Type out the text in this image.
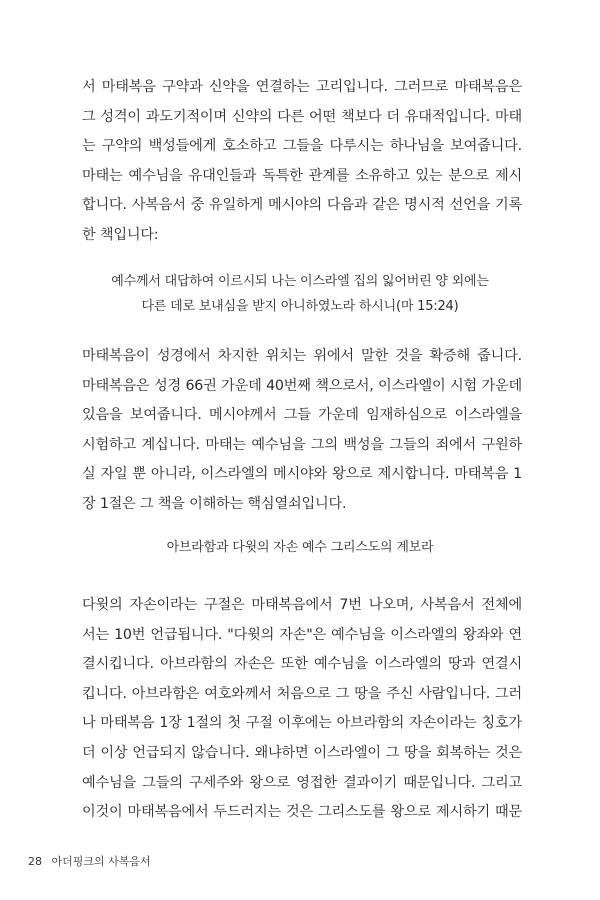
서 마태복음 구약과 신약을 연결하는 고리입니다. 그러므로 마태복음은
그 성격이 과도기적이며 신약의 다른 어떤 책보다 더 유대적입니다. 마태
는 구약의 백성들에게 호소하고 그들을 다루시는 하나님을 보여줍니다.
마태는 예수님을 유대인들과 독특한 관계를 소유하고 있는 분으로 제시
합니다. 사복음서 중 유일하게 메시야의 다음과 같은 명시적 선언을 기록
한 책입니다:
예수께서 대답하여 이르시되 나는 이스라엘 집의 잃어버린 양 외에는
다른 데로 보내심을 받지 아니하였노라 하시니(마 15:24)
마태복음이 성경에서 차지한 위치는 위에서 말한 것을 확증해 줍니다.
마태복음은 성경 66권 가운데 40번째 책으로서, 이스라엘이 시험 가운데
있음을 보여줍니다. 메시야께서 그들 가운데 임재하심으로 이스라엘을
시험하고 계십니다. 마태는 예수님을 그의 백성을 그들의 죄에서 구원하
실 자일 뿐 아니라, 이스라엘의 메시야와 왕으로 제시합니다. 마태복음 1
장 1절은 그 책을 이해하는 핵심열쇠입니다.

아브라함과 다윗의 자손 예수 그리스도의 계보라

다윗의 자손이라는 구절은 마태복음에서 7번 나오며, 사복음서 전체에
서는 10번 언급됩니다. "다윗의 자손"은 예수님을 이스라엘의 왕좌와 연
결시킵니다. 아브라함의 자손은 또한 예수님을 이스라엘의 땅과 연결시
킵니다. 아브라함은 여호와께서 처음으로 그 땅을 주신 사람입니다. 그러
나 마태복음 1장 1절의 첫 구절 이후에는 아브라함의 자손이라는 칭호가
더 이상 언급되지 않습니다. 왜냐하면 이스라엘이 그 땅을 회복하는 것은
예수님을 그들의 구세주와 왕으로 영접한 결과이기 때문입니다. 그리고
이것이 마태복음에서 두드러지는 것은 그리스도를 왕으로 제시하기 때문
28 아더핑크의 사복음서
